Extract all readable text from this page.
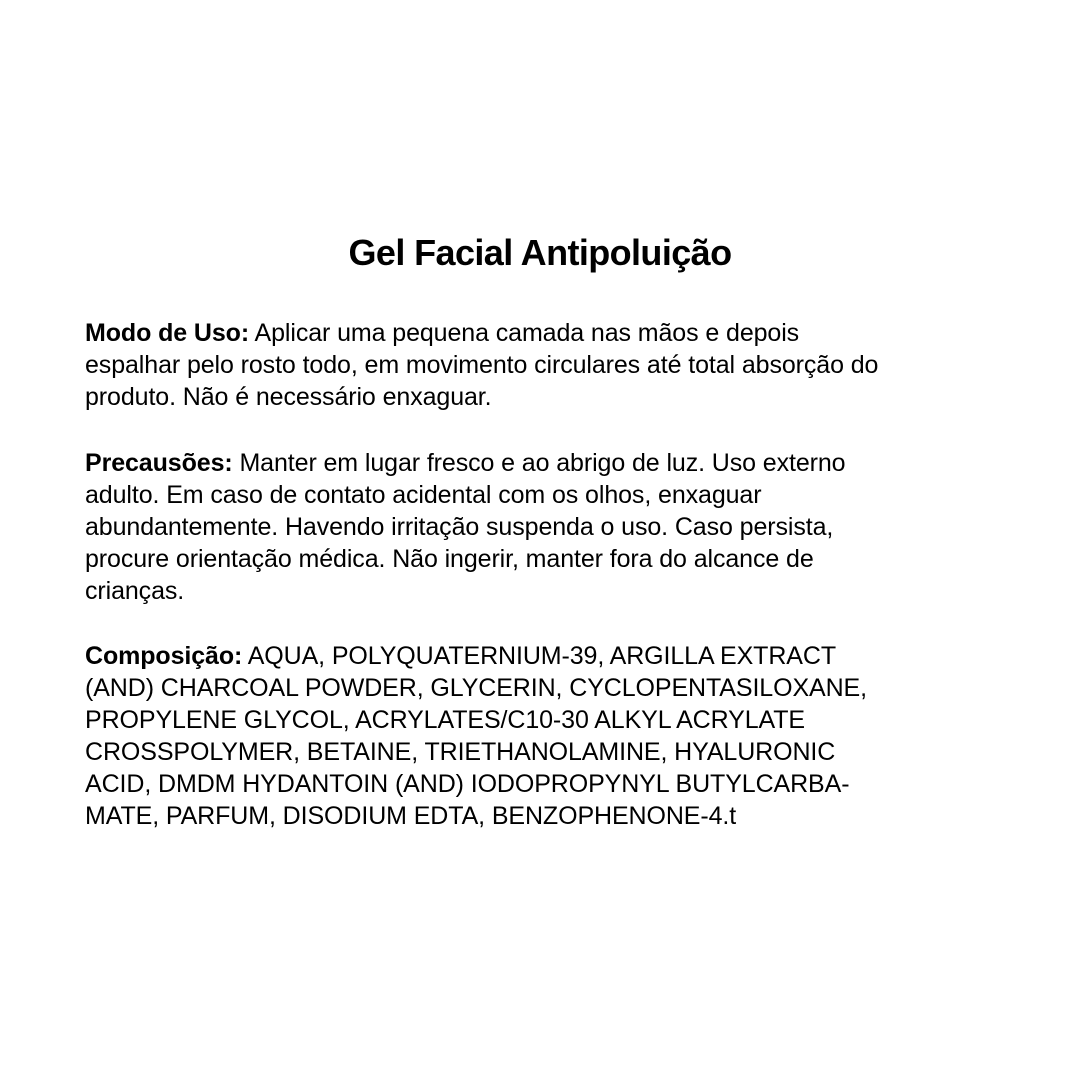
Gel Facial Antipoluição

Modo de Uso: Aplicar uma pequena camada nas mãos e depois
espalhar pelo rosto todo, em movimento circulares até total absorção do
produto. Não é necessário enxaguar.

Precausões: Manter em lugar fresco e ao abrigo de luz. Uso externo
adulto. Em caso de contato acidental com os olhos, enxaguar
abundantemente. Havendo irritação suspenda o uso. Caso persista,
procure orientação médica. Não ingerir, manter fora do alcance de
crianças.

Composição: AQUA, POLYQUATERNIUM-39, ARGILLA EXTRACT
(AND) CHARCOAL POWDER, GLYCERIN, CYCLOPENTASILOXANE,
PROPYLENE GLYCOL, ACRYLATES/C10-30 ALKYL ACRYLATE
CROSSPOLYMER, BETAINE, TRIETHANOLAMINE, HYALURONIC
ACID, DMDM HYDANTOIN (AND) IODOPROPYNYL BUTYLCARBA-
MATE, PARFUM, DISODIUM EDTA, BENZOPHENONE-4.t
